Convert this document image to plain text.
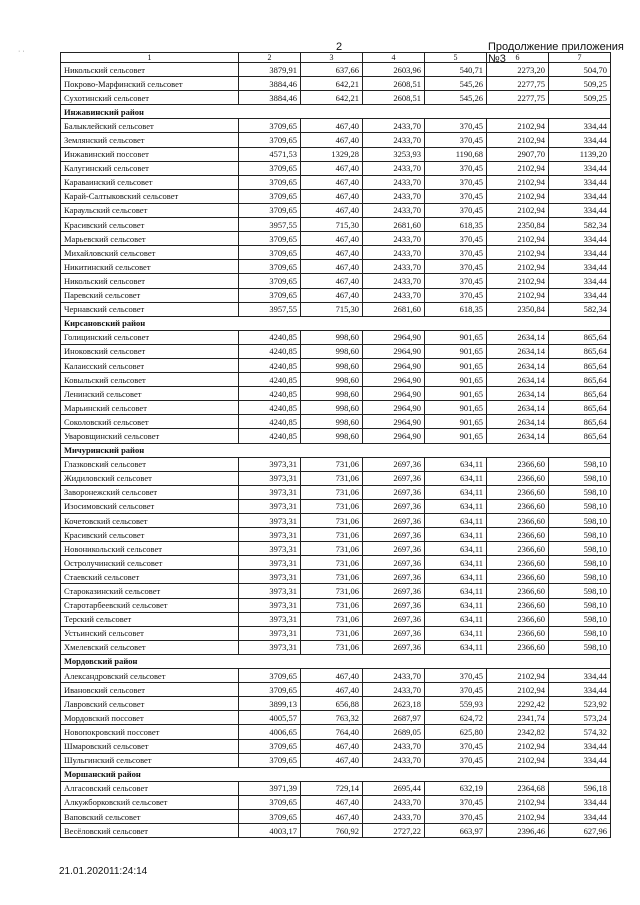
· ·	2	Продолжение приложения №3
1	2	3	4	5	6	7
Никольский сельсовет	3879,91	637,66	2603,96	540,71	2273,20	504,70
Покрово-Марфинский сельсовет	3884,46	642,21	2608,51	545,26	2277,75	509,25
Сухотинский сельсовет	3884,46	642,21	2608,51	545,26	2277,75	509,25
Инжавинский район						
Балыклейский сельсовет	3709,65	467,40	2433,70	370,45	2102,94	334,44
Землянский сельсовет	3709,65	467,40	2433,70	370,45	2102,94	334,44
Инжавинский поссовет	4571,53	1329,28	3253,93	1190,68	2907,70	1139,20
Калугинский сельсовет	3709,65	467,40	2433,70	370,45	2102,94	334,44
Караваинский сельсовет	3709,65	467,40	2433,70	370,45	2102,94	334,44
Карай-Салтыковский сельсовет	3709,65	467,40	2433,70	370,45	2102,94	334,44
Караульский сельсовет	3709,65	467,40	2433,70	370,45	2102,94	334,44
Красивский сельсовет	3957,55	715,30	2681,60	618,35	2350,84	582,34
Марьевский сельсовет	3709,65	467,40	2433,70	370,45	2102,94	334,44
Михайловский сельсовет	3709,65	467,40	2433,70	370,45	2102,94	334,44
Никитинский сельсовет	3709,65	467,40	2433,70	370,45	2102,94	334,44
Никольский сельсовет	3709,65	467,40	2433,70	370,45	2102,94	334,44
Паревский сельсовет	3709,65	467,40	2433,70	370,45	2102,94	334,44
Чернавский сельсовет	3957,55	715,30	2681,60	618,35	2350,84	582,34
Кирсановский район						
Голицинский сельсовет	4240,85	998,60	2964,90	901,65	2634,14	865,64
Иноковский сельсовет	4240,85	998,60	2964,90	901,65	2634,14	865,64
Калаисский сельсовет	4240,85	998,60	2964,90	901,65	2634,14	865,64
Ковыльский сельсовет	4240,85	998,60	2964,90	901,65	2634,14	865,64
Ленинский сельсовет	4240,85	998,60	2964,90	901,65	2634,14	865,64
Марьинский сельсовет	4240,85	998,60	2964,90	901,65	2634,14	865,64
Соколовский сельсовет	4240,85	998,60	2964,90	901,65	2634,14	865,64
Уваровщинский сельсовет	4240,85	998,60	2964,90	901,65	2634,14	865,64
Мичуринский район						
Глазковский сельсовет	3973,31	731,06	2697,36	634,11	2366,60	598,10
Жидиловский сельсовет	3973,31	731,06	2697,36	634,11	2366,60	598,10
Заворонежский сельсовет	3973,31	731,06	2697,36	634,11	2366,60	598,10
Изосимовский сельсовет	3973,31	731,06	2697,36	634,11	2366,60	598,10
Кочетовский сельсовет	3973,31	731,06	2697,36	634,11	2366,60	598,10
Красивский сельсовет	3973,31	731,06	2697,36	634,11	2366,60	598,10
Новоникольский сельсовет	3973,31	731,06	2697,36	634,11	2366,60	598,10
Остролучинский сельсовет	3973,31	731,06	2697,36	634,11	2366,60	598,10
Стаевский сельсовет	3973,31	731,06	2697,36	634,11	2366,60	598,10
Староказинский сельсовет	3973,31	731,06	2697,36	634,11	2366,60	598,10
Старотарбеевский сельсовет	3973,31	731,06	2697,36	634,11	2366,60	598,10
Терский сельсовет	3973,31	731,06	2697,36	634,11	2366,60	598,10
Устьинский сельсовет	3973,31	731,06	2697,36	634,11	2366,60	598,10
Хмелевский сельсовет	3973,31	731,06	2697,36	634,11	2366,60	598,10
Мордовский район						
Александровский сельсовет	3709,65	467,40	2433,70	370,45	2102,94	334,44
Ивановский сельсовет	3709,65	467,40	2433,70	370,45	2102,94	334,44
Лавровский сельсовет	3899,13	656,88	2623,18	559,93	2292,42	523,92
Мордовский поссовет	4005,57	763,32	2687,97	624,72	2341,74	573,24
Новопокровский поссовет	4006,65	764,40	2689,05	625,80	2342,82	574,32
Шмаровский сельсовет	3709,65	467,40	2433,70	370,45	2102,94	334,44
Шульгинский сельсовет	3709,65	467,40	2433,70	370,45	2102,94	334,44
Моршанский район						
Алгасовский сельсовет	3971,39	729,14	2695,44	632,19	2364,68	596,18
Алкужборковский сельсовет	3709,65	467,40	2433,70	370,45	2102,94	334,44
Ваповский сельсовет	3709,65	467,40	2433,70	370,45	2102,94	334,44
Весёловский сельсовет	4003,17	760,92	2727,22	663,97	2396,46	627,96
21.01.202011:24:14
